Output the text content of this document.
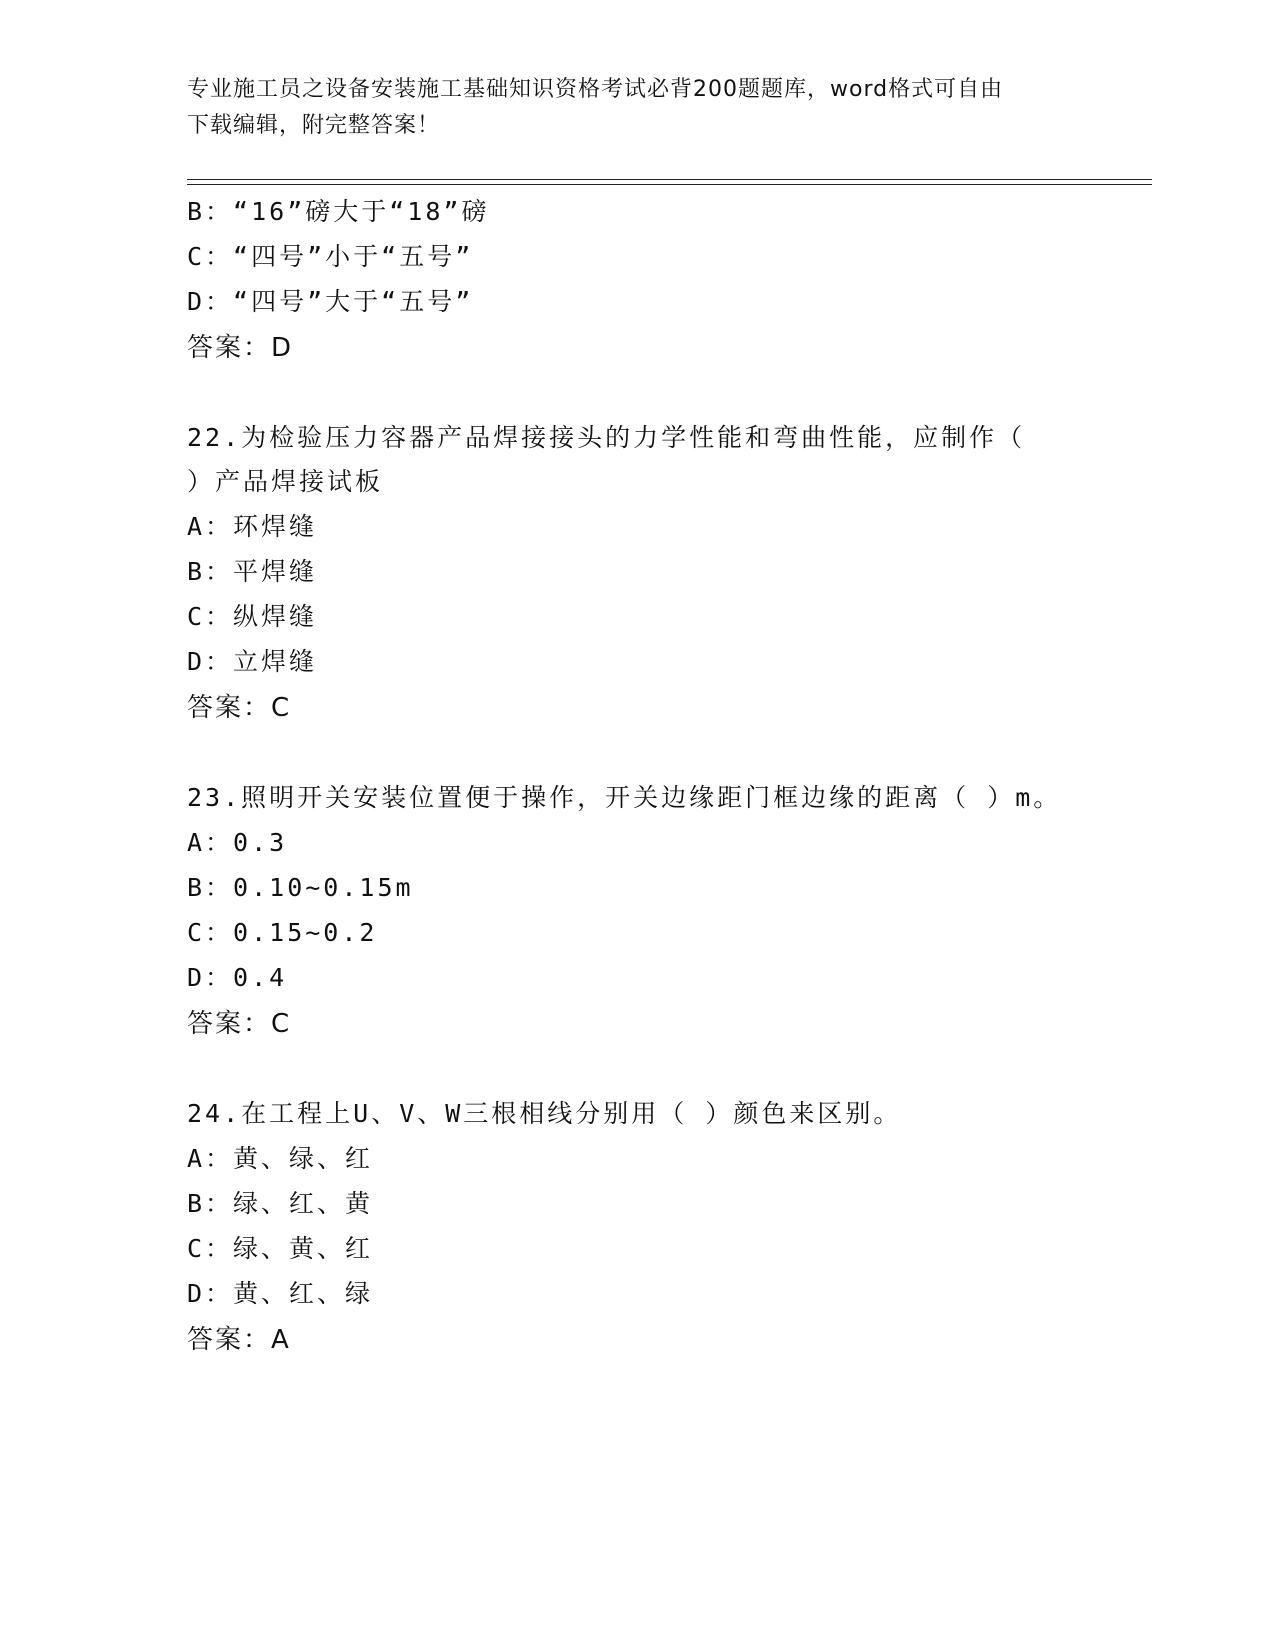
专业施工员之设备安装施工基础知识资格考试必背200题题库，word格式可自由
下载编辑，附完整答案！
B：“16”磅大于“18”磅
C：“四号”小于“五号”
D：“四号”大于“五号”
答案：D
22.为检验压力容器产品焊接接头的力学性能和弯曲性能，应制作（
）产品焊接试板
A：环焊缝
B：平焊缝
C：纵焊缝
D：立焊缝
答案：C
23.照明开关安装位置便于操作，开关边缘距门框边缘的距离（ ）m。
A：0.3
B：0.10~0.15m
C：0.15~0.2
D：0.4
答案：C
24.在工程上U、V、W三根相线分别用（ ）颜色来区别。
A：黄、绿、红
B：绿、红、黄
C：绿、黄、红
D：黄、红、绿
答案：A
